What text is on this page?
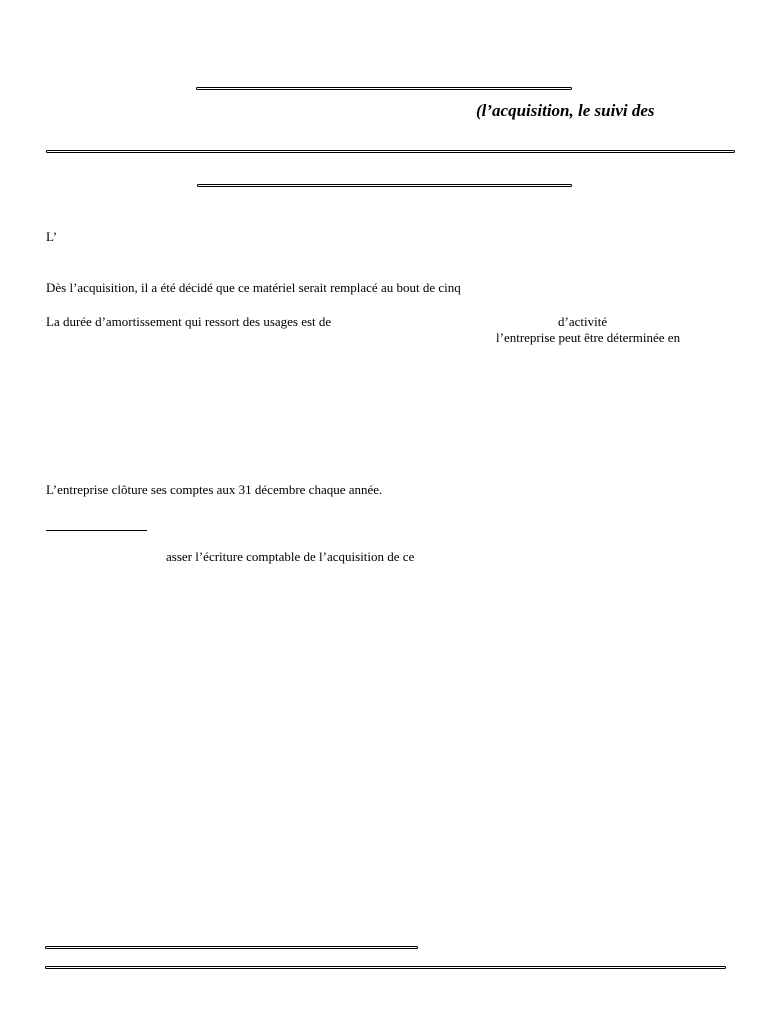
(l’acquisition, le suivi des
L’
Dès l’acquisition, il a été décidé que ce matériel serait remplacé au bout de cinq
La durée d’amortissement qui ressort des usages est de	d’activité
l’entreprise peut être déterminée en
L’entreprise clôture ses comptes aux 31 décembre chaque année.
asser l’écriture comptable de l’acquisition de ce
